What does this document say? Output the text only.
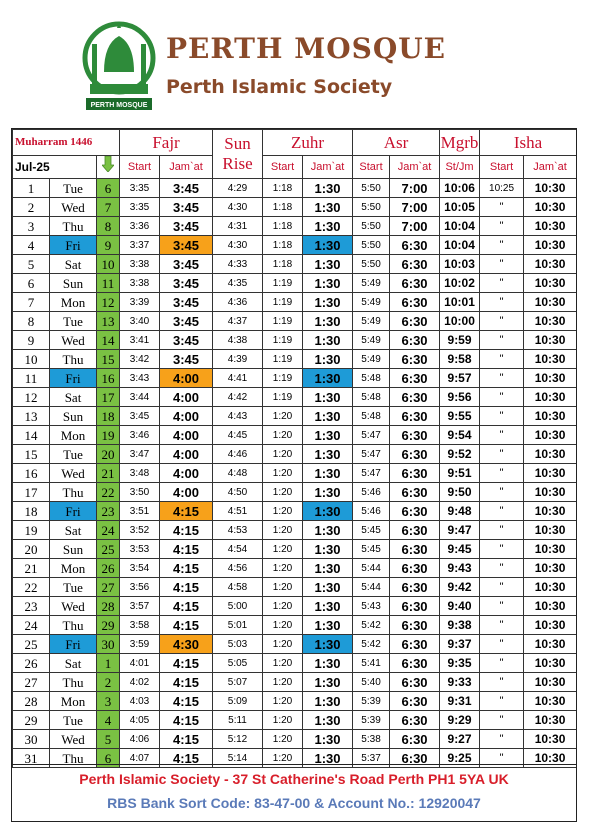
PERTH MOSQUE
PERTH MOSQUE
Perth Islamic Society
Muharram 1446			Fajr		Sun
Rise	Zuhr		Asr		Mgrb	Isha	
Jul-25			Start	Jam`at		Start	Jam`at	Start	Jam`at	St/Jm	Start	Jam`at
1	Tue	6	3:35	3:45	4:29	1:18	1:30	5:50	7:00	10:06	10:25	10:30
2	Wed	7	3:35	3:45	4:30	1:18	1:30	5:50	7:00	10:05	"	10:30
3	Thu	8	3:36	3:45	4:31	1:18	1:30	5:50	7:00	10:04	"	10:30
4	Fri	9	3:37	3:45	4:30	1:18	1:30	5:50	6:30	10:04	"	10:30
5	Sat	10	3:38	3:45	4:33	1:18	1:30	5:50	6:30	10:03	"	10:30
6	Sun	11	3:38	3:45	4:35	1:19	1:30	5:49	6:30	10:02	"	10:30
7	Mon	12	3:39	3:45	4:36	1:19	1:30	5:49	6:30	10:01	"	10:30
8	Tue	13	3:40	3:45	4:37	1:19	1:30	5:49	6:30	10:00	"	10:30
9	Wed	14	3:41	3:45	4:38	1:19	1:30	5:49	6:30	9:59	"	10:30
10	Thu	15	3:42	3:45	4:39	1:19	1:30	5:49	6:30	9:58	"	10:30
11	Fri	16	3:43	4:00	4:41	1:19	1:30	5:48	6:30	9:57	"	10:30
12	Sat	17	3:44	4:00	4:42	1:19	1:30	5:48	6:30	9:56	"	10:30
13	Sun	18	3:45	4:00	4:43	1:20	1:30	5:48	6:30	9:55	"	10:30
14	Mon	19	3:46	4:00	4:45	1:20	1:30	5:47	6:30	9:54	"	10:30
15	Tue	20	3:47	4:00	4:46	1:20	1:30	5:47	6:30	9:52	"	10:30
16	Wed	21	3:48	4:00	4:48	1:20	1:30	5:47	6:30	9:51	"	10:30
17	Thu	22	3:50	4:00	4:50	1:20	1:30	5:46	6:30	9:50	"	10:30
18	Fri	23	3:51	4:15	4:51	1:20	1:30	5:46	6:30	9:48	"	10:30
19	Sat	24	3:52	4:15	4:53	1:20	1:30	5:45	6:30	9:47	"	10:30
20	Sun	25	3:53	4:15	4:54	1:20	1:30	5:45	6:30	9:45	"	10:30
21	Mon	26	3:54	4:15	4:56	1:20	1:30	5:44	6:30	9:43	"	10:30
22	Tue	27	3:56	4:15	4:58	1:20	1:30	5:44	6:30	9:42	"	10:30
23	Wed	28	3:57	4:15	5:00	1:20	1:30	5:43	6:30	9:40	"	10:30
24	Thu	29	3:58	4:15	5:01	1:20	1:30	5:42	6:30	9:38	"	10:30
25	Fri	30	3:59	4:30	5:03	1:20	1:30	5:42	6:30	9:37	"	10:30
26	Sat	1	4:01	4:15	5:05	1:20	1:30	5:41	6:30	9:35	"	10:30
27	Thu	2	4:02	4:15	5:07	1:20	1:30	5:40	6:30	9:33	"	10:30
28	Mon	3	4:03	4:15	5:09	1:20	1:30	5:39	6:30	9:31	"	10:30
29	Tue	4	4:05	4:15	5:11	1:20	1:30	5:39	6:30	9:29	"	10:30
30	Wed	5	4:06	4:15	5:12	1:20	1:30	5:38	6:30	9:27	"	10:30
31	Thu	6	4:07	4:15	5:14	1:20	1:30	5:37	6:30	9:25	"	10:30
Perth Islamic Society - 37 St Catherine's Road Perth PH1 5YA UK
RBS Bank Sort Code: 83-47-00 & Account No.: 12920047
